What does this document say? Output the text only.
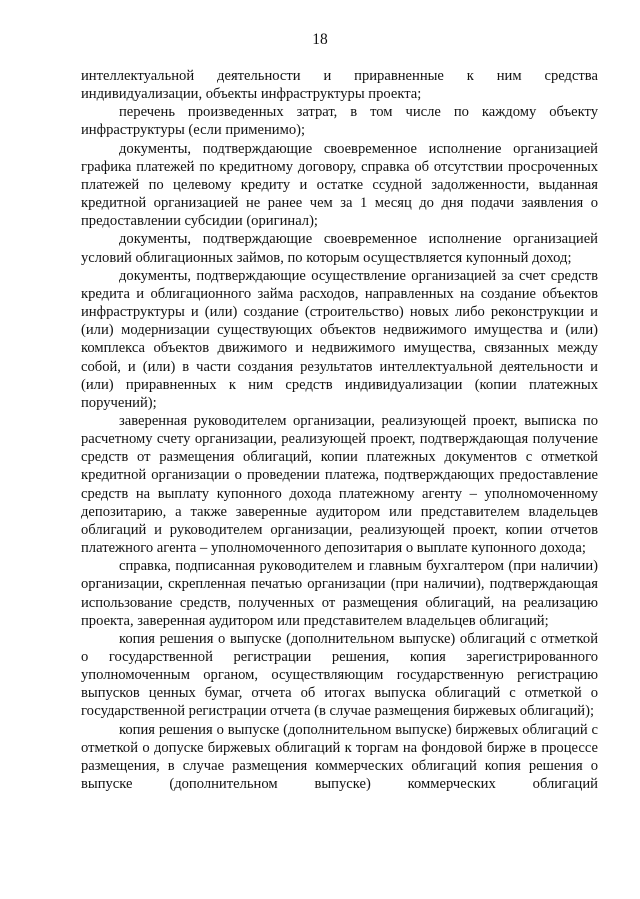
18

интеллектуальной деятельности и приравненные к ним средства индивидуализации, объекты инфраструктуры проекта;

перечень произведенных затрат, в том числе по каждому объекту инфраструктуры (если применимо);

документы, подтверждающие своевременное исполнение организацией графика платежей по кредитному договору, справка об отсутствии просроченных платежей по целевому кредиту и остатке ссудной задолженности, выданная кредитной организацией не ранее чем за 1 месяц до дня подачи заявления о предоставлении субсидии (оригинал);

документы, подтверждающие своевременное исполнение организацией условий облигационных займов, по которым осуществляется купонный доход;

документы, подтверждающие осуществление организацией за счет средств кредита и облигационного займа расходов, направленных на создание объектов инфраструктуры и (или) создание (строительство) новых либо реконструкции и (или) модернизации существующих объектов недвижимого имущества и (или) комплекса объектов движимого и недвижимого имущества, связанных между собой, и (или) в части создания результатов интеллектуальной деятельности и (или) приравненных к ним средств индивидуализации (копии платежных поручений);

заверенная руководителем организации, реализующей проект, выписка по расчетному счету организации, реализующей проект, подтверждающая получение средств от размещения облигаций, копии платежных документов с отметкой кредитной организации о проведении платежа, подтверждающих предоставление средств на выплату купонного дохода платежному агенту – уполномоченному депозитарию, а также заверенные аудитором или представителем владельцев облигаций и руководителем организации, реализующей проект, копии отчетов платежного агента – уполномоченного депозитария о выплате купонного дохода;

справка, подписанная руководителем и главным бухгалтером (при наличии) организации, скрепленная печатью организации (при наличии), подтверждающая использование средств, полученных от размещения облигаций, на реализацию проекта, заверенная аудитором или представителем владельцев облигаций;

копия решения о выпуске (дополнительном выпуске) облигаций с отметкой о государственной регистрации решения, копия зарегистрированного уполномоченным органом, осуществляющим государственную регистрацию выпусков ценных бумаг, отчета об итогах выпуска облигаций с отметкой о государственной регистрации отчета (в случае размещения биржевых облигаций);

копия решения о выпуске (дополнительном выпуске) биржевых облигаций с отметкой о допуске биржевых облигаций к торгам на фондовой бирже в процессе размещения, в случае размещения коммерческих облигаций копия решения о выпуске (дополнительном выпуске) коммерческих облигаций
